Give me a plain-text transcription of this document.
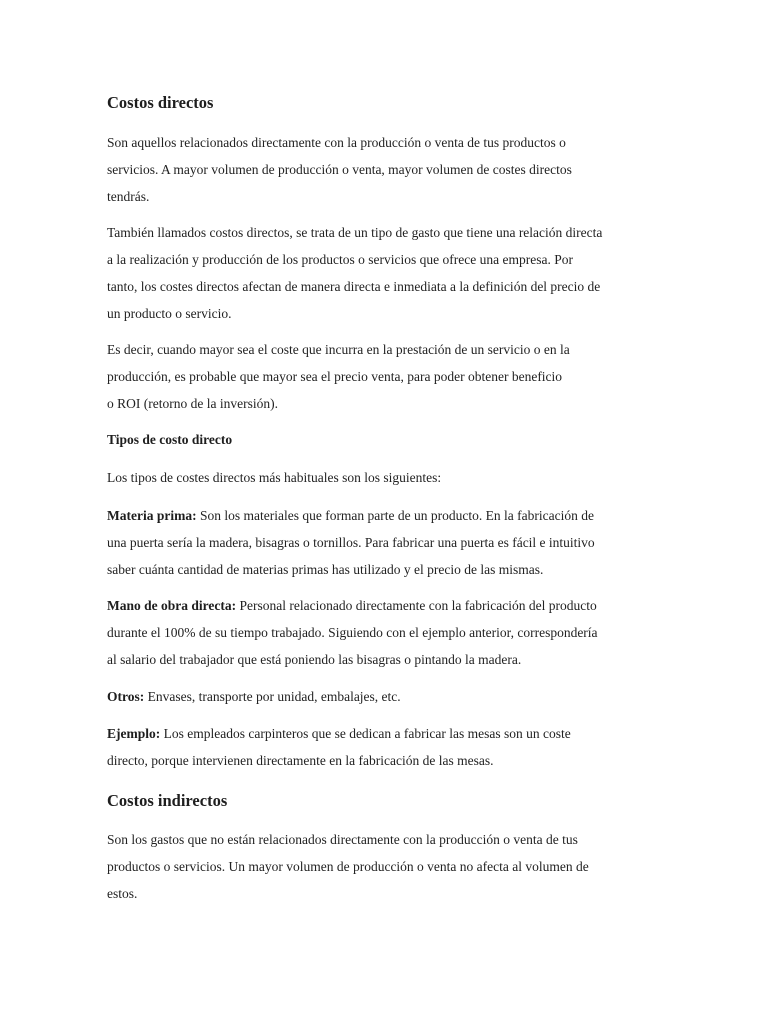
Costos directos

Son aquellos relacionados directamente con la producción o venta de tus productos o
servicios. A mayor volumen de producción o venta, mayor volumen de costes directos
tendrás.

También llamados costos directos, se trata de un tipo de gasto que tiene una relación directa
a la realización y producción de los productos o servicios que ofrece una empresa. Por
tanto, los costes directos afectan de manera directa e inmediata a la definición del precio de
un producto o servicio.

Es decir, cuando mayor sea el coste que incurra en la prestación de un servicio o en la
producción, es probable que mayor sea el precio venta, para poder obtener beneficio
o ROI (retorno de la inversión).

Tipos de costo directo

Los tipos de costes directos más habituales son los siguientes:

Materia prima: Son los materiales que forman parte de un producto. En la fabricación de
una puerta sería la madera, bisagras o tornillos. Para fabricar una puerta es fácil e intuitivo
saber cuánta cantidad de materias primas has utilizado y el precio de las mismas.

Mano de obra directa: Personal relacionado directamente con la fabricación del producto
durante el 100% de su tiempo trabajado. Siguiendo con el ejemplo anterior, correspondería
al salario del trabajador que está poniendo las bisagras o pintando la madera.

Otros: Envases, transporte por unidad, embalajes, etc.

Ejemplo: Los empleados carpinteros que se dedican a fabricar las mesas son un coste
directo, porque intervienen directamente en la fabricación de las mesas.

Costos indirectos

Son los gastos que no están relacionados directamente con la producción o venta de tus
productos o servicios. Un mayor volumen de producción o venta no afecta al volumen de
estos.
